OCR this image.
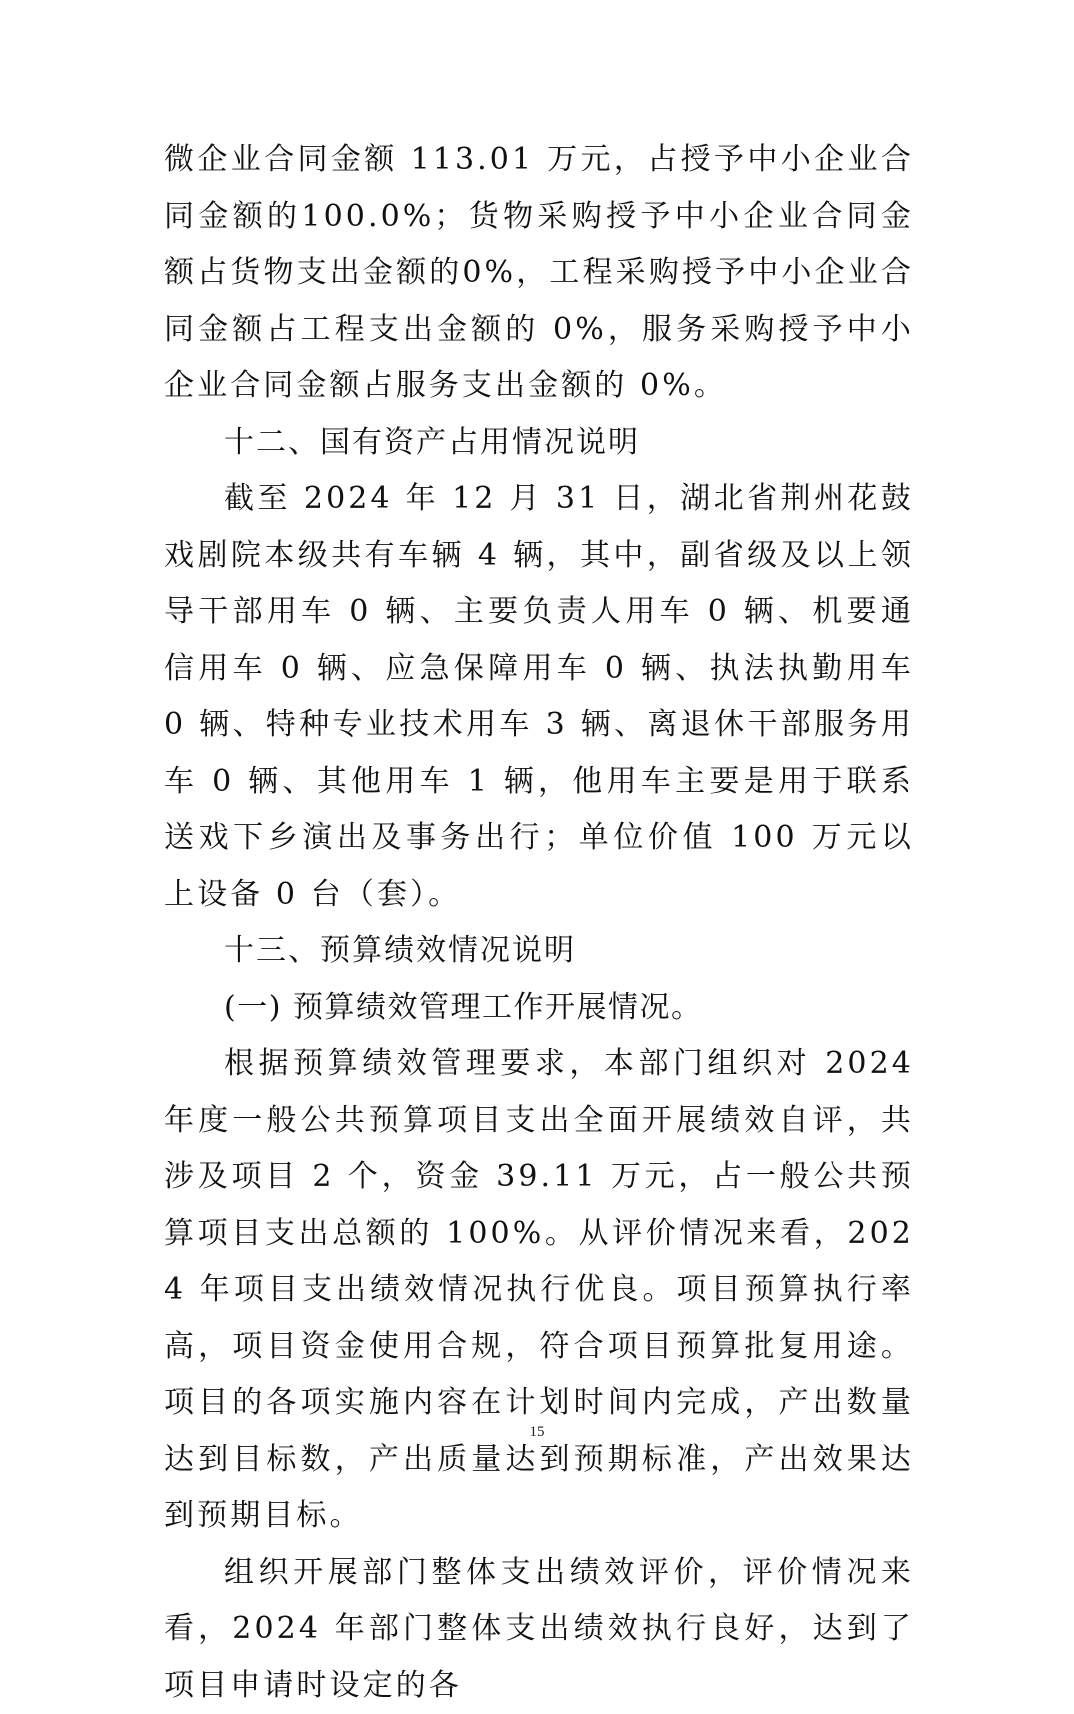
微企业合同金额 113.01 万元，占授予中小企业合同金额的100.0%；货物采购授予中小企业合同金额占货物支出金额的0%，工程采购授予中小企业合同金额占工程支出金额的 0%，服务采购授予中小企业合同金额占服务支出金额的 0%。

十二、国有资产占用情况说明

截至 2024 年 12 月 31 日，湖北省荆州花鼓戏剧院本级共有车辆 4 辆，其中，副省级及以上领导干部用车 0 辆、主要负责人用车 0 辆、机要通信用车 0 辆、应急保障用车 0 辆、执法执勤用车 0 辆、特种专业技术用车 3 辆、离退休干部服务用车 0 辆、其他用车 1 辆，他用车主要是用于联系送戏下乡演出及事务出行；单位价值 100 万元以上设备 0 台（套）。

十三、预算绩效情况说明

(一) 预算绩效管理工作开展情况。

根据预算绩效管理要求，本部门组织对 2024 年度一般公共预算项目支出全面开展绩效自评，共涉及项目 2 个，资金 39.11 万元，占一般公共预算项目支出总额的 100%。从评价情况来看，2024 年项目支出绩效情况执行优良。项目预算执行率高，项目资金使用合规，符合项目预算批复用途。项目的各项实施内容在计划时间内完成，产出数量达到目标数，产出质量达到预期标准，产出效果达到预期目标。

组织开展部门整体支出绩效评价，评价情况来看，2024 年部门整体支出绩效执行良好，达到了项目申请时设定的各

15
